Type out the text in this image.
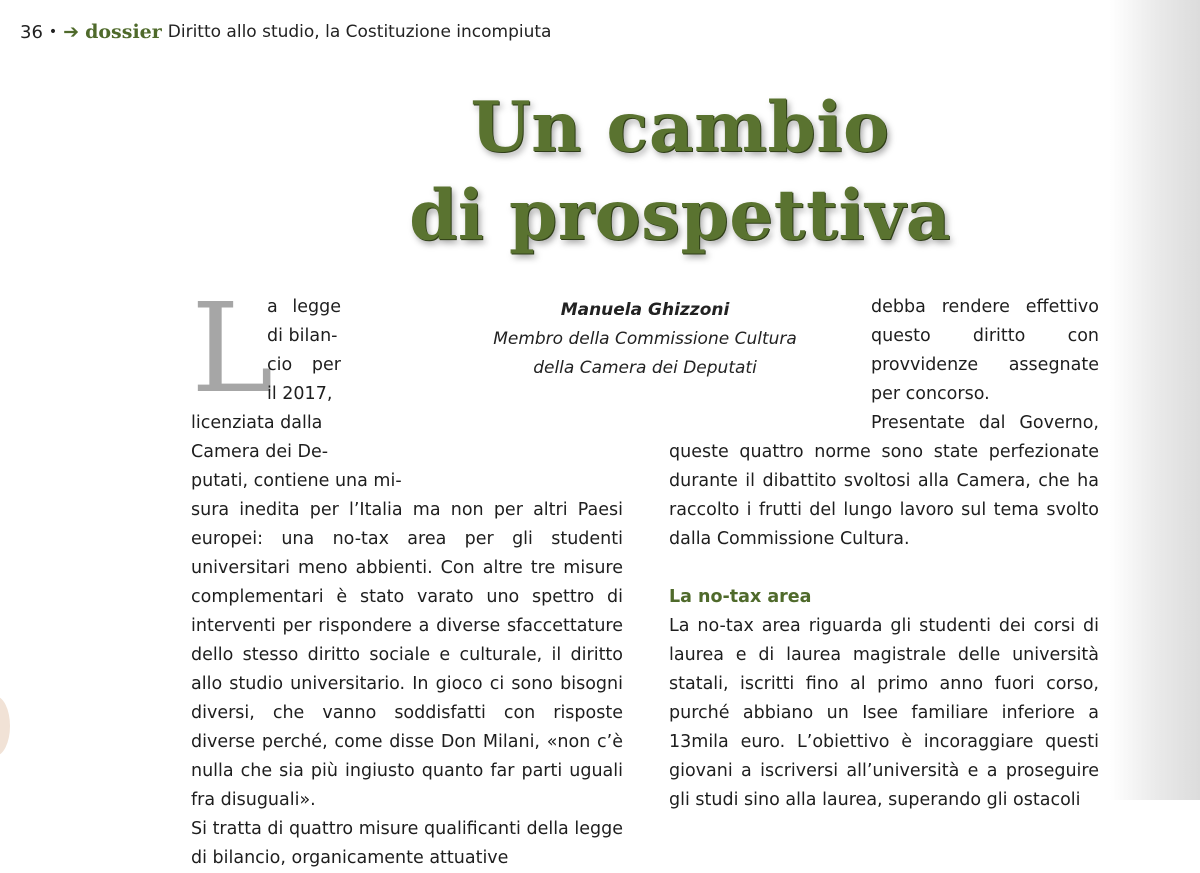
36 • ➔ dossier Diritto allo studio, la Costituzione incompiuta
Un cambio
di prospettiva
Manuela Ghizzoni
Membro della Commissione Cultura
della Camera dei Deputati
L
a legge di bilan-
cio per il 2017,
licenziata dalla
Camera dei De-
putati, contiene una mi-

sura inedita per l’Italia ma non per altri Paesi europei: una no-tax area per gli studenti universitari meno abbienti. Con altre tre misure complementari è stato varato uno spettro di interventi per rispondere a diverse sfaccettature dello stesso diritto sociale e culturale, il diritto allo studio universitario. In gioco ci sono bisogni diversi, che vanno soddisfatti con risposte diverse perché, come disse Don Milani, «non c’è nulla che sia più ingiusto quanto far parti uguali fra disuguali».

Si tratta di quattro misure qualificanti della legge di bilancio, organicamente attuative

debba rendere effettivo questo diritto con provvidenze assegnate per concorso.

Presentate dal Governo, queste quattro norme sono state perfezionate durante il dibattito svoltosi alla Camera, che ha raccolto i frutti del lungo lavoro sul tema svolto dalla Commissione Cultura.

La no-tax area

La no-tax area riguarda gli studenti dei corsi di laurea e di laurea magistrale delle università statali, iscritti fino al primo anno fuori corso, purché abbiano un Isee familiare inferiore a 13mila euro. L’obiettivo è incoraggiare questi giovani a iscriversi all’università e a proseguire gli studi sino alla laurea, superando gli ostacoli
